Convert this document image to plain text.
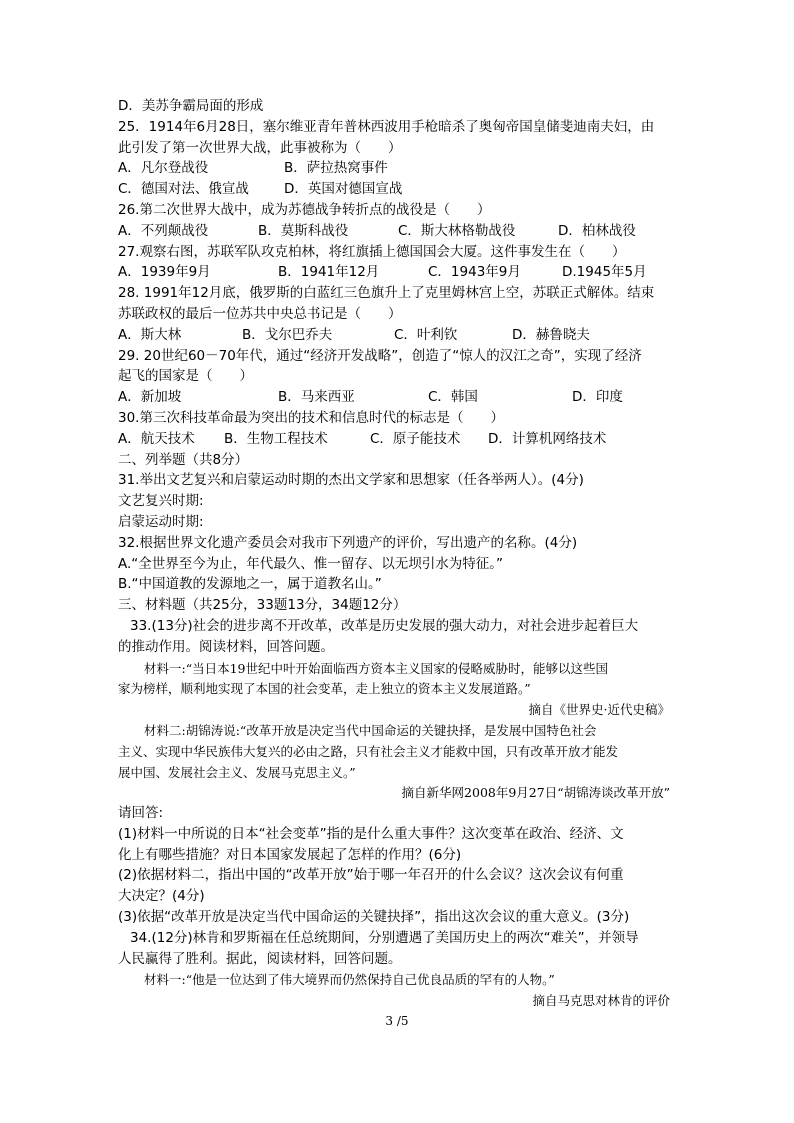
D．美苏争霸局面的形成
25．1914年6月28日，塞尔维亚青年普林西波用手枪暗杀了奥匈帝国皇储斐迪南夫妇，由
此引发了第一次世界大战，此事被称为（　　）
A．凡尔登战役	B．萨拉热窝事件
C．德国对法、俄宣战	D．英国对德国宣战
26.第二次世界大战中，成为苏德战争转折点的战役是（　　）
A．不列颠战役	B．莫斯科战役	C．斯大林格勒战役	D．柏林战役
27.观察右图，苏联军队攻克柏林，将红旗插上德国国会大厦。这件事发生在（　　）
A．1939年9月	B．1941年12月	C．1943年9月	D.1945年5月
28. 1991年12月底，俄罗斯的白蓝红三色旗升上了克里姆林宫上空，苏联正式解体。结束
苏联政权的最后一位苏共中央总书记是（　　）
A．斯大林	B．戈尔巴乔夫	C．叶利钦	D．赫鲁晓夫
29. 20世纪60－70年代，通过“经济开发战略”，创造了“惊人的汉江之奇”，实现了经济
起飞的国家是（　　）
A．新加坡	B．马来西亚	C．韩国	D．印度
30.第三次科技革命最为突出的技术和信息时代的标志是（　　）
A．航天技术	B．生物工程技术	C．原子能技术	D．计算机网络技术
二、列举题（共8分）
31.举出文艺复兴和启蒙运动时期的杰出文学家和思想家（任各举两人）。(4分)
文艺复兴时期:
启蒙运动时期:
32.根据世界文化遗产委员会对我市下列遗产的评价，写出遗产的名称。(4分)
A.“全世界至今为止，年代最久、惟一留存、以无坝引水为特征。”
B.“中国道教的发源地之一，属于道教名山。”
三、材料题（共25分，33题13分，34题12分）
33.(13分)社会的进步离不开改革，改革是历史发展的强大动力，对社会进步起着巨大
的推动作用。阅读材料，回答问题。
材料一:“当日本19世纪中叶开始面临西方资本主义国家的侵略威胁时，能够以这些国
家为榜样，顺利地实现了本国的社会变革，走上独立的资本主义发展道路。”
摘自《世界史·近代史稿》
材料二:胡锦涛说:“改革开放是决定当代中国命运的关键抉择，是发展中国特色社会
主义、实现中华民族伟大复兴的必由之路，只有社会主义才能救中国，只有改革开放才能发
展中国、发展社会主义、发展马克思主义。”
摘自新华网2008年9月27日“胡锦涛谈改革开放”
请回答:
(1)材料一中所说的日本“社会变革”指的是什么重大事件？这次变革在政治、经济、文
化上有哪些措施？对日本国家发展起了怎样的作用？(6分)
(2)依据材料二，指出中国的“改革开放”始于哪一年召开的什么会议？这次会议有何重
大决定？(4分)
(3)依据“改革开放是决定当代中国命运的关键抉择”，指出这次会议的重大意义。(3分)
34.(12分)林肯和罗斯福在任总统期间，分别遭遇了美国历史上的两次“难关”，并领导
人民赢得了胜利。据此，阅读材料，回答问题。
材料一:“他是一位达到了伟大境界而仍然保持自己优良品质的罕有的人物。”
摘自马克思对林肯的评价
3 /5
